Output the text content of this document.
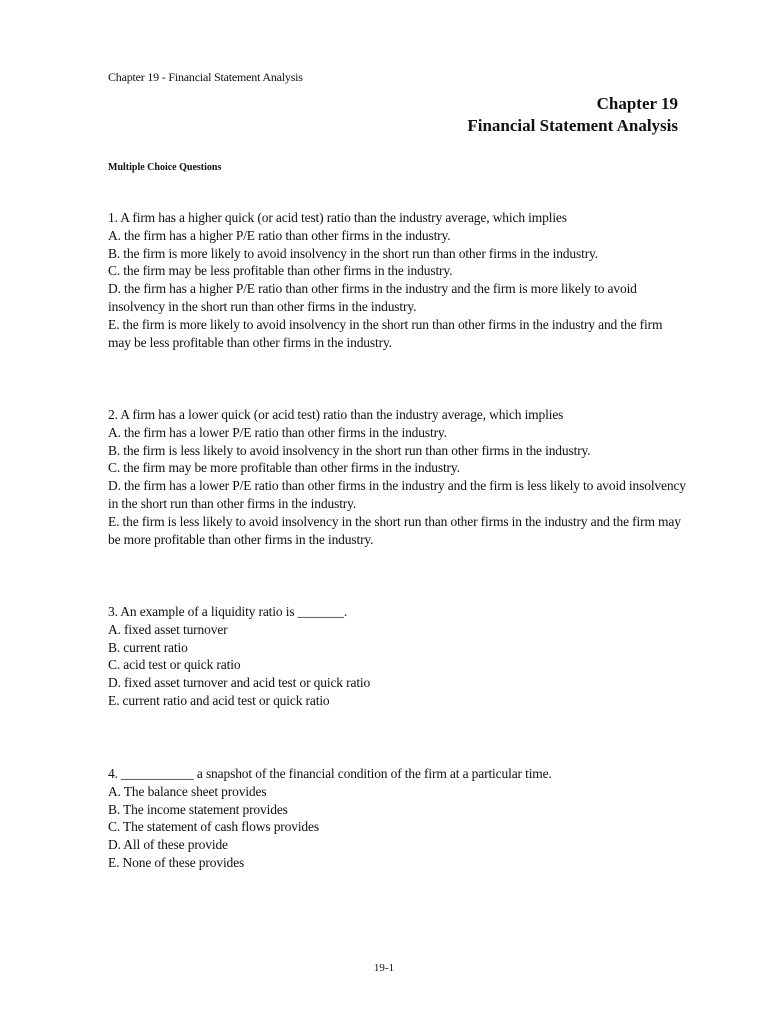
Chapter 19 - Financial Statement Analysis
Chapter 19
Financial Statement Analysis
Multiple Choice Questions
1. A firm has a higher quick (or acid test) ratio than the industry average, which implies
A. the firm has a higher P/E ratio than other firms in the industry.
B. the firm is more likely to avoid insolvency in the short run than other firms in the industry.
C. the firm may be less profitable than other firms in the industry.
D. the firm has a higher P/E ratio than other firms in the industry and the firm is more likely to avoid insolvency in the short run than other firms in the industry.
E. the firm is more likely to avoid insolvency in the short run than other firms in the industry and the firm may be less profitable than other firms in the industry.
2. A firm has a lower quick (or acid test) ratio than the industry average, which implies
A. the firm has a lower P/E ratio than other firms in the industry.
B. the firm is less likely to avoid insolvency in the short run than other firms in the industry.
C. the firm may be more profitable than other firms in the industry.
D. the firm has a lower P/E ratio than other firms in the industry and the firm is less likely to avoid insolvency in the short run than other firms in the industry.
E. the firm is less likely to avoid insolvency in the short run than other firms in the industry and the firm may be more profitable than other firms in the industry.
3. An example of a liquidity ratio is _______.
A. fixed asset turnover
B. current ratio
C. acid test or quick ratio
D. fixed asset turnover and acid test or quick ratio
E. current ratio and acid test or quick ratio
4. ___________ a snapshot of the financial condition of the firm at a particular time.
A. The balance sheet provides
B. The income statement provides
C. The statement of cash flows provides
D. All of these provide
E. None of these provides
19-1
